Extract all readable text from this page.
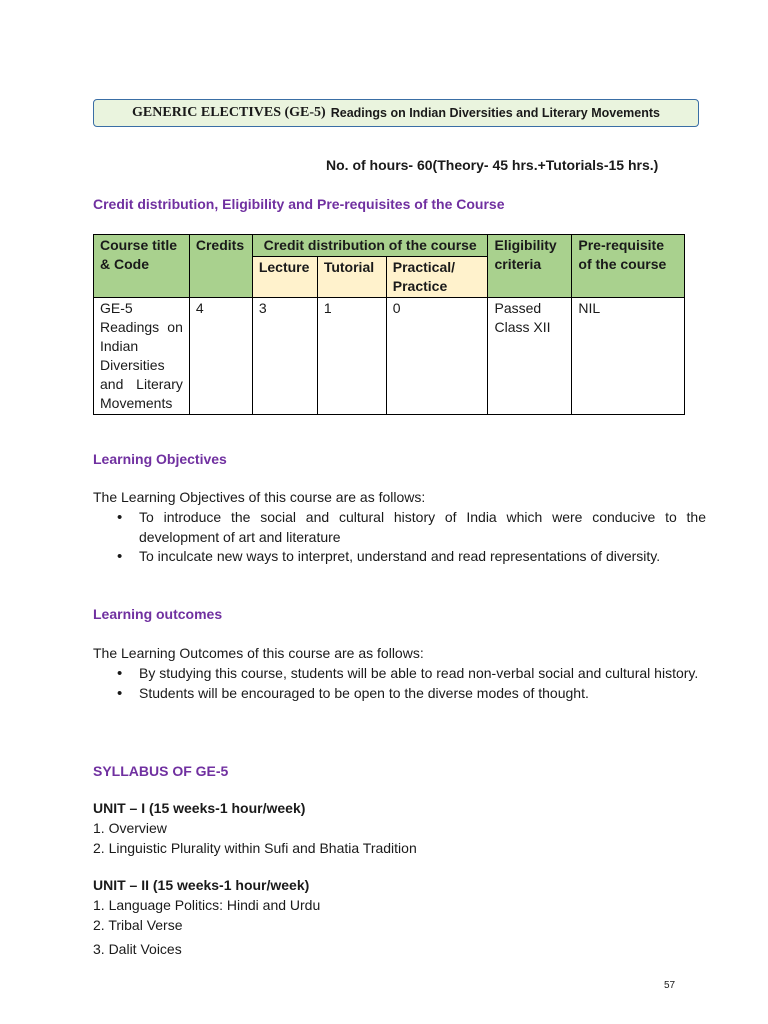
GENERIC ELECTIVES (GE-5) Readings on Indian Diversities and Literary Movements
No. of hours- 60(Theory- 45 hrs.+Tutorials-15 hrs.)
Credit distribution, Eligibility and Pre-requisites of the Course
Course title & Code	Credits	Credit distribution of the course			Eligibility criteria	Pre-requisite of the course
		Lecture	Tutorial	Practical/ Practice		
GE-5 Readings on Indian Diversities and Literary Movements	4	3	1	0	Passed Class XII	NIL
Learning Objectives
The Learning Objectives of this course are as follows:
• To introduce the social and cultural history of India which were conducive to the development of art and literature
• To inculcate new ways to interpret, understand and read representations of diversity.
Learning outcomes
The Learning Outcomes of this course are as follows:
• By studying this course, students will be able to read non-verbal social and cultural history.
• Students will be encouraged to be open to the diverse modes of thought.
SYLLABUS OF GE-5
UNIT – I (15 weeks-1 hour/week)
1. Overview
2. Linguistic Plurality within Sufi and Bhatia Tradition
UNIT – II (15 weeks-1 hour/week)
1. Language Politics: Hindi and Urdu
2. Tribal Verse
3. Dalit Voices
57
